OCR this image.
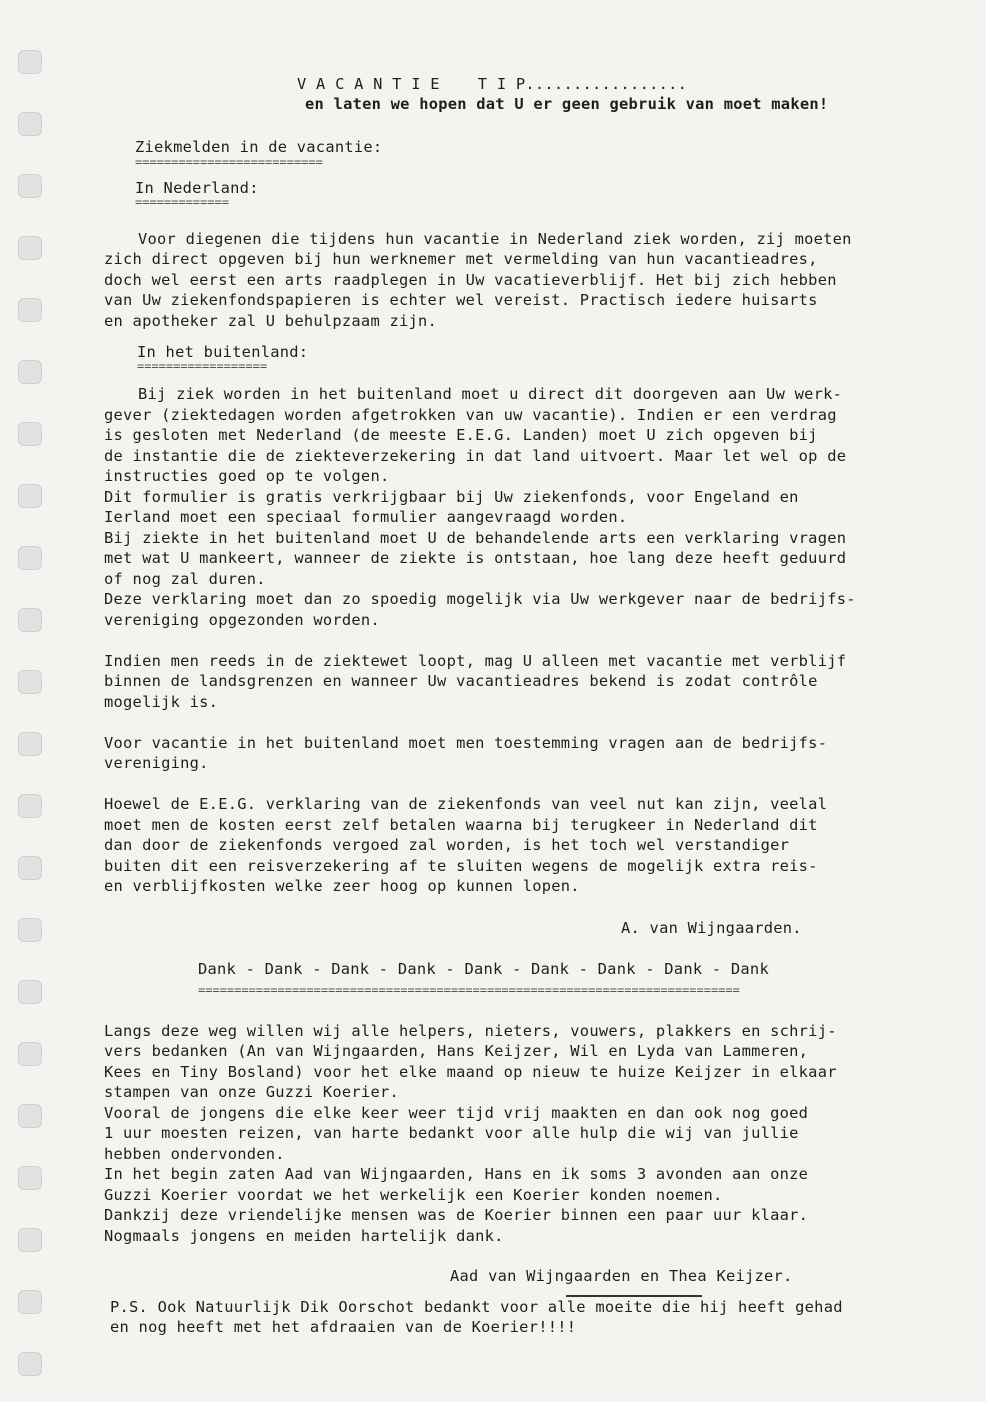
V A C A N T I E    T I P.................
en laten we hopen dat U er geen gebruik van moet maken!
Ziekmelden in de vacantie:
==========================
In Nederland:
=============
Voor diegenen die tijdens hun vacantie in Nederland ziek worden, zij moeten
zich direct opgeven bij hun werknemer met vermelding van hun vacantieadres,
doch wel eerst een arts raadplegen in Uw vacatieverblijf. Het bij zich hebben
van Uw ziekenfondspapieren is echter wel vereist. Practisch iedere huisarts
en apotheker zal U behulpzaam zijn.
In het buitenland:
==================
Bij ziek worden in het buitenland moet u direct dit doorgeven aan Uw werk-
gever (ziektedagen worden afgetrokken van uw vacantie). Indien er een verdrag
is gesloten met Nederland (de meeste E.E.G. Landen) moet U zich opgeven bij
de instantie die de ziekteverzekering in dat land uitvoert. Maar let wel op de
instructies goed op te volgen.
Dit formulier is gratis verkrijgbaar bij Uw ziekenfonds, voor Engeland en
Ierland moet een speciaal formulier aangevraagd worden.
Bij ziekte in het buitenland moet U de behandelende arts een verklaring vragen
met wat U mankeert, wanneer de ziekte is ontstaan, hoe lang deze heeft geduurd
of nog zal duren.
Deze verklaring moet dan zo spoedig mogelijk via Uw werkgever naar de bedrijfs-
vereniging opgezonden worden.
Indien men reeds in de ziektewet loopt, mag U alleen met vacantie met verblijf
binnen de landsgrenzen en wanneer Uw vacantieadres bekend is zodat contrôle
mogelijk is.
Voor vacantie in het buitenland moet men toestemming vragen aan de bedrijfs-
vereniging.
Hoewel de E.E.G. verklaring van de ziekenfonds van veel nut kan zijn, veelal
moet men de kosten eerst zelf betalen waarna bij terugkeer in Nederland dit
dan door de ziekenfonds vergoed zal worden, is het toch wel verstandiger
buiten dit een reisverzekering af te sluiten wegens de mogelijk extra reis-
en verblijfkosten welke zeer hoog op kunnen lopen.
A. van Wijngaarden.
Dank - Dank - Dank - Dank - Dank - Dank - Dank - Dank - Dank
===========================================================================
Langs deze weg willen wij alle helpers, nieters, vouwers, plakkers en schrij-
vers bedanken (An van Wijngaarden, Hans Keijzer, Wil en Lyda van Lammeren,
Kees en Tiny Bosland) voor het elke maand op nieuw te huize Keijzer in elkaar
stampen van onze Guzzi Koerier.
Vooral de jongens die elke keer weer tijd vrij maakten en dan ook nog goed
1 uur moesten reizen, van harte bedankt voor alle hulp die wij van jullie
hebben ondervonden.
In het begin zaten Aad van Wijngaarden, Hans en ik soms 3 avonden aan onze
Guzzi Koerier voordat we het werkelijk een Koerier konden noemen.
Dankzij deze vriendelijke mensen was de Koerier binnen een paar uur klaar.
Nogmaals jongens en meiden hartelijk dank.
Aad van Wijngaarden en Thea Keijzer.
P.S. Ook Natuurlijk Dik Oorschot bedankt voor alle moeite die hij heeft gehad
en nog heeft met het afdraaien van de Koerier!!!!
